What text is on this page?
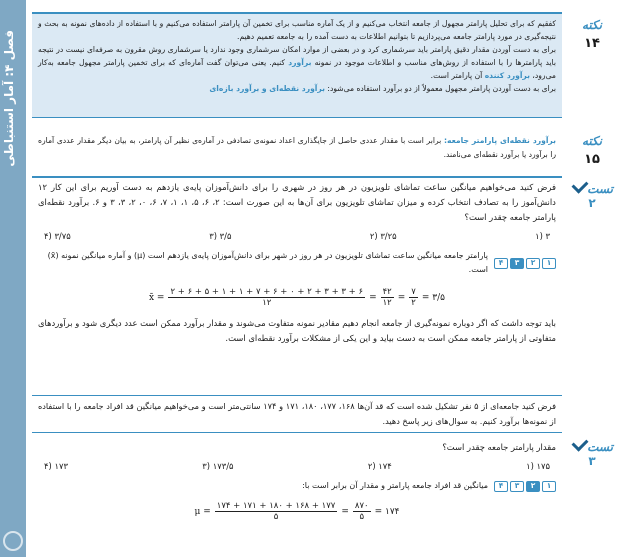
فصل ۴: آمار استنباطی
نکته
۱۴

کفقیم که برای تحلیل پارامتر مجهول از جامعه انتخاب می‌کنیم و از یک آماره مناسب برای تخمین آن پارامتر استفاده می‌کنیم و با استفاده از داده‌های نمونه به بحث و نتیجه‌گیری در مورد پارامتر جامعه می‌پردازیم تا بتوانیم اطلاعات به دست آمده را به جامعه تعمیم دهیم.

برای به دست آوردن مقدار دقیق پارامتر باید سرشماری کرد و در بعضی از موارد امکان سرشماری وجود ندارد یا سرشماری روش مقرون به صرفه‌ای نیست در نتیجه باید پارامترها را با استفاده از روش‌های مناسب و اطلاعات موجود در نمونه برآورد کنیم. یعنی می‌توان گفت آماره‌ای که برای تخمین پارامتر مجهول جامعه به‌کار می‌رود، برآورد کننده آن پارامتر است.

برای به دست آوردن پارامتر مجهول معمولاً از دو برآورد استفاده می‌شود: برآورد نقطه‌ای و برآورد بازه‌ای

نکته
۱۵
برآورد نقطه‌ای پارامتر جامعه: برابر است با مقدار عددی حاصل از جایگذاری اعداد نمونه‌ی تصادفی در آماره‌ی نظیر آن پارامتر، به بیان دیگر مقدار عددی آماره را برآورد یا برآورد نقطه‌ای می‌نامند.
تست
۲
فرض کنید می‌خواهیم میانگین ساعت تماشای تلویزیون در هر روز در شهری را برای دانش‌آموزان پایه‌ی یازدهم به دست آوریم برای این کار ۱۲ دانش‌آموز را به تصادف انتخاب کرده و میزان تماشای تلویزیون برای آن‌ها به این صورت است: ۲، ۶، ۵، ۱، ۱، ۷، ۶، ۰، ۲، ۳، ۳ و ۶. برآورد نقطه‌ای پارامتر جامعه چقدر است؟
۳ (۱
۳/۲۵ (۲
۳/۵ (۳
۳/۷۵ (۴
۴	۳	۲	۱
پارامتر جامعه میانگین ساعت تماشای تلویزیون در هر روز در شهر برای دانش‌آموزان پایه‌ی یازدهم است (μ) و آماره میانگین نمونه (x̄) است.
x̄ = $\frac{۲ + ۶ + ۵ + ۱ + ۱ + ۷ + ۶ + ۰ + ۲ + ۳ + ۳ + ۶}{۱۲} = \frac{۴۲}{۱۲} = \frac{۷}{۲}$ = ۳/۵
باید توجه داشت که اگر دوباره نمونه‌گیری از جامعه انجام دهیم مقادیر نمونه متفاوت می‌شوند و مقدار برآورد ممکن است عدد دیگری شود و برآوردهای متفاوتی از پارامتر جامعه ممکن است به دست بیاید و این یکی از مشکلات برآورد نقطه‌ای است.
فرض کنید جامعه‌ای از ۵ نفر تشکیل شده است که قد آن‌ها ۱۶۸، ۱۷۷، ۱۸۰، ۱۷۱ و ۱۷۴ سانتی‌متر است و می‌خواهیم میانگین قد افراد جامعه را با استفاده از نمونه‌ها برآورد کنیم. به سوال‌های زیر پاسخ دهید.
تست
۳
مقدار پارامتر جامعه چقدر است؟
۱۷۵ (۱
۱۷۴ (۲
۱۷۳/۵ (۳
۱۷۳ (۴
۴	۳	۲	۱
میانگین قد افراد جامعه پارامتر و مقدار آن برابر است با:
$\mu = \frac{۱۷۴ + ۱۷۱ + ۱۸۰ + ۱۶۸ + ۱۷۷}{۵} = \frac{۸۷۰}{۵}$ = ۱۷۴
